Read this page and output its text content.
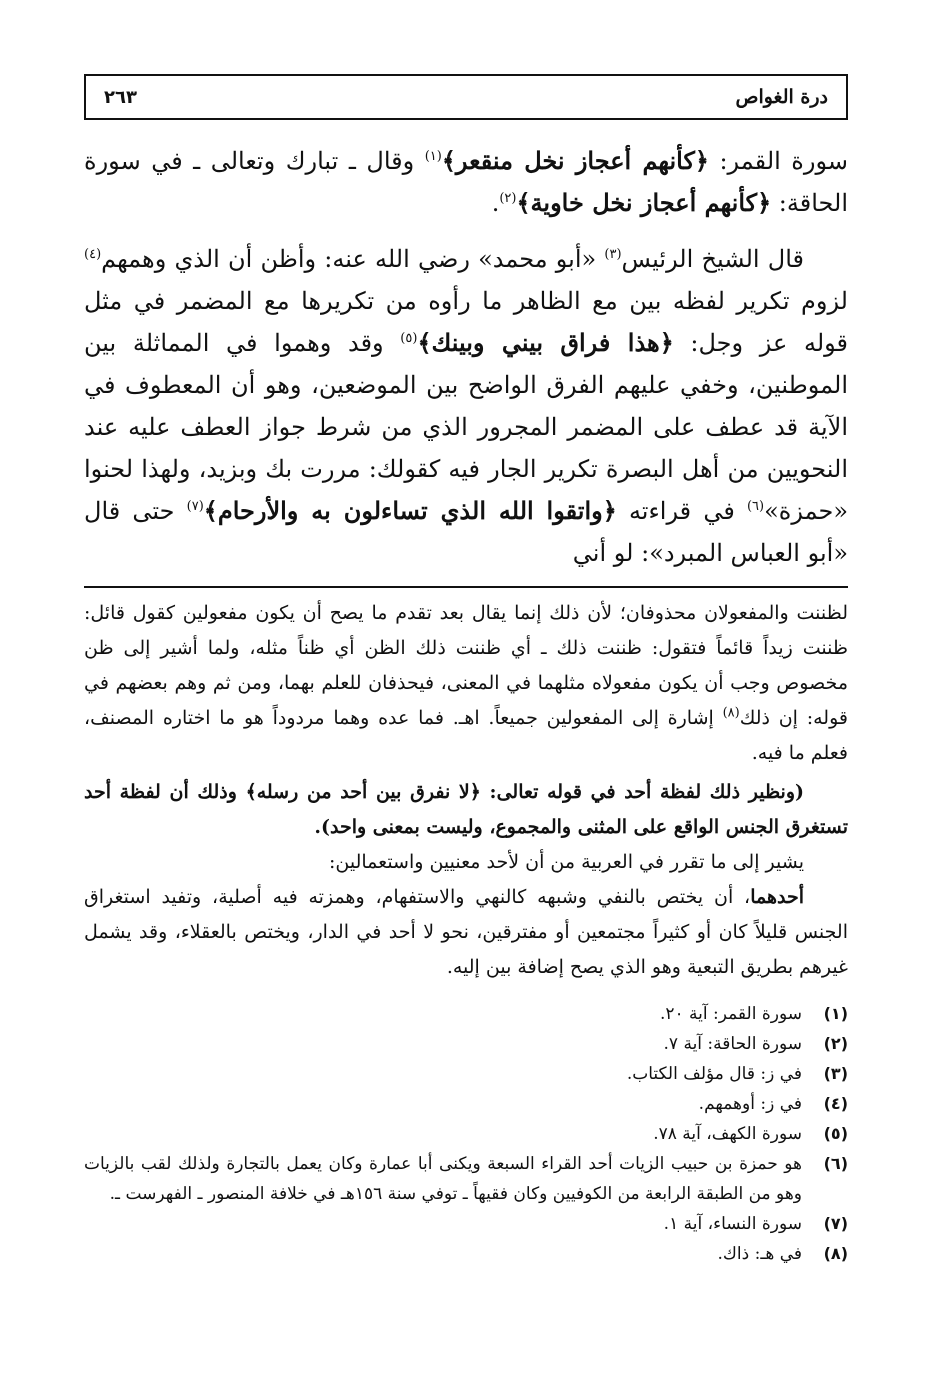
درة الغواص
٢٦٣

سورة القمر: ﴿كأنهم أعجاز نخل منقعر﴾$^{(١)}$ وقال ـ تبارك وتعالى ـ في سورة الحاقة: ﴿كأنهم أعجاز نخل خاوية﴾$^{(٢)}$.

قال الشيخ الرئيس$^{(٣)}$ «أبو محمد» رضي الله عنه: وأظن أن الذي وهمهم$^{(٤)}$ لزوم تكرير لفظه بين مع الظاهر ما رأوه من تكريرها مع المضمر في مثل قوله عز وجل: ﴿هذا فراق بيني وبينك﴾$^{(٥)}$ وقد وهموا في المماثلة بين الموطنين، وخفي عليهم الفرق الواضح بين الموضعين، وهو أن المعطوف في الآية قد عطف على المضمر المجرور الذي من شرط جواز العطف عليه عند النحويين من أهل البصرة تكرير الجار فيه كقولك: مررت بك وبزيد، ولهذا لحنوا «حمزة»$^{(٦)}$ في قراءته ﴿واتقوا الله الذي تساءلون به والأرحام﴾$^{(٧)}$ حتى قال «أبو العباس المبرد»: لو أني

لظننت والمفعولان محذوفان؛ لأن ذلك إنما يقال بعد تقدم ما يصح أن يكون مفعولين كقول قائل: ظننت زيداً قائماً فتقول: ظننت ذلك ـ أي ظننت ذلك الظن أي ظناً مثله، ولما أشير إلى ظن مخصوص وجب أن يكون مفعولاه مثلهما في المعنى، فيحذفان للعلم بهما، ومن ثم وهم بعضهم في قوله: إن ذلك$^{(٨)}$ إشارة إلى المفعولين جميعاً. اهـ. فما عده وهما مردوداً هو ما اختاره المصنف، فعلم ما فيه.

(ونظير ذلك لفظة أحد في قوله تعالى: ﴿لا نفرق بين أحد من رسله﴾ وذلك أن لفظة أحد تستغرق الجنس الواقع على المثنى والمجموع، وليست بمعنى واحد).

يشير إلى ما تقرر في العربية من أن لأحد معنيين واستعمالين:

أحدهما، أن يختص بالنفي وشبهه كالنهي والاستفهام، وهمزته فيه أصلية، وتفيد استغراق الجنس قليلاً كان أو كثيراً مجتمعين أو مفترقين، نحو لا أحد في الدار، ويختص بالعقلاء، وقد يشمل غيرهم بطريق التبعية وهو الذي يصح إضافة بين إليه.

(١)
سورة القمر: آية ٢٠.
(٢)
سورة الحاقة: آية ٧.
(٣)
في ز: قال مؤلف الكتاب.
(٤)
في ز: أوهمهم.
(٥)
سورة الكهف، آية ٧٨.
(٦)
هو حمزة بن حبيب الزيات أحد القراء السبعة ويكنى أبا عمارة وكان يعمل بالتجارة ولذلك لقب بالزيات وهو من الطبقة الرابعة من الكوفيين وكان فقيهاً ـ توفي سنة ١٥٦هـ في خلافة المنصور ـ الفهرست ـ.
(٧)
سورة النساء، آية ١.
(٨)
في هـ: ذاك.
